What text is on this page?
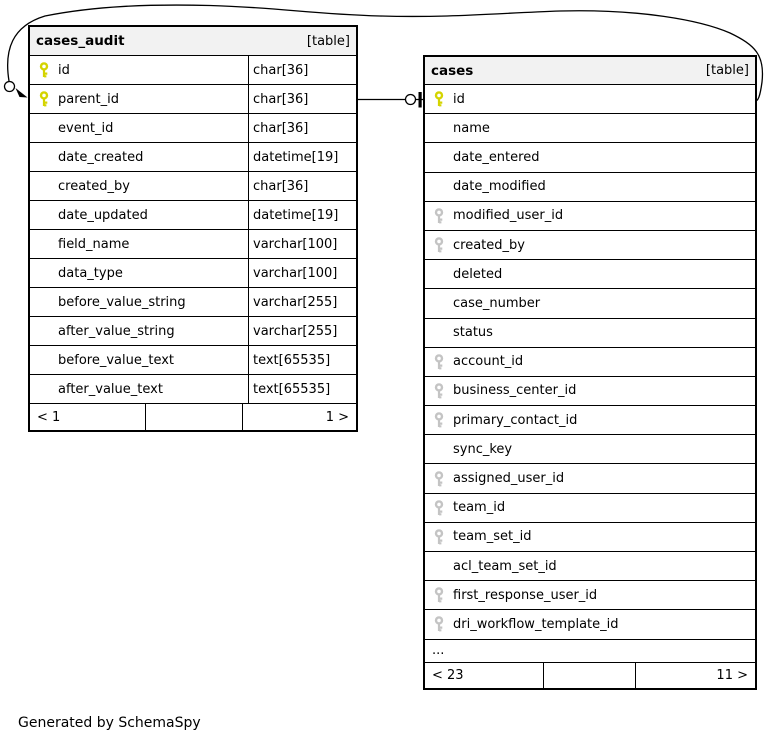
cases_audit	[table]
id	char[36]
parent_id	char[36]
event_id	char[36]
date_created	datetime[19]
created_by	char[36]
date_updated	datetime[19]
field_name	varchar[100]
data_type	varchar[100]
before_value_string	varchar[255]
after_value_string	varchar[255]
before_value_text	text[65535]
after_value_text	text[65535]
< 1	1 >
cases	[table]
id
name
date_entered
date_modified
modified_user_id
created_by
deleted
case_number
status
account_id
business_center_id
primary_contact_id
sync_key
assigned_user_id
team_id
team_set_id
acl_team_set_id
first_response_user_id
dri_workflow_template_id
...
< 23	11 >
Generated by SchemaSpy
